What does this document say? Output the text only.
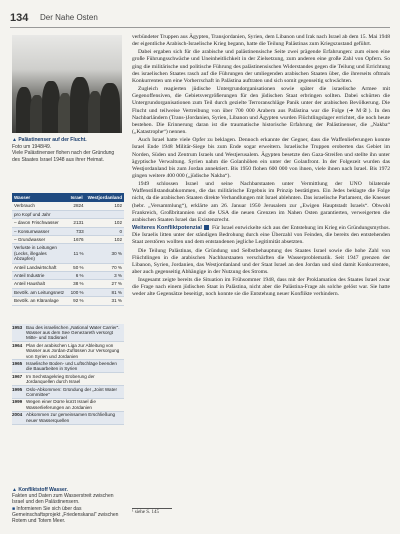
134 Der Nahe Osten
▲ Palästinenser auf der Flucht.
Foto um 1948/49.
Viele Palästinenser flohen nach der Gründung des Staates Israel 1948 aus ihrer Heimat.
Wasser	Israel	Westjordanland
Verbrauch	2824	102
pro Kopf und Jahr		
– davon Frischwasser	2131	102
– Konsumwasser	733	0
– Grundwasser	1676	102
Verluste in Leitungen (Lecks, illegales Abzapfen)	11 %	30 %
Anteil Landwirtschaft	50 %	70 %
Anteil Industrie	6 %	3 %
Anteil Haushalt	38 %	27 %
Bevölk. am Leitungsnetz	100 %	81 %
Bevölk. an Kläranlage	92 %	31 %
1953 Bau des israelischen „National Water Carrier“. Wasser aus dem See Genezareth versorgt Mitte- und Südisrael
1964 Plan der arabischen Liga zur Ableitung von Wasser aus Jordan-Zuflüssen zur Versorgung von Syrien und Jordanien
1965 Israelische Boden- und Luftschläge beenden die Bauarbeiten in Syrien
1967 Im Sechstagekrieg Eroberung der Jordanquellen durch Israel
1995 Oslo-Abkommen: Gründung der „Joint Water Committee“
1999 Wegen einer Dürre kürzt Israel die Wasserlieferungen an Jordanien
2004 Abkommen zur gemeinsamen Erschließung neuer Wasserquellen
▲ Konfliktstoff Wasser.
Fakten und Daten zum Wasserstreit zwischen Israel und den Palästinensern.
■ Informieren Sie sich über das Gemeinschaftsprojekt „Friedenskanal“ zwischen Rotem und Totem Meer.

verbündeter Truppen aus Ägypten, Transjordanien, Syrien, dem Libanon und Irak nach Israel ab dem 15. Mai 1948 der eigentliche Arabisch-Israelische Krieg begann, hatte die Teilung Palästinas zum Kriegszustand geführt.

Dabei ergaben sich für die arabische und palästinensische Seite zwei prägende Erfahrungen: zum einen eine große Führungsschwäche und Uneinheitlichkeit in der Zielsetzung, zum anderen eine große Zahl von Opfern. So ging die militärische und politische Führung des palästinensischen Widerstandes gegen die Teilung und Errichtung des israelischen Staates rasch auf die Führungen der umliegenden arabischen Staaten über, die ihrerseits oftmals Konkurrenten um eine Vorherrschaft in Palästina auftraten und sich somit gegenseitig schwächten.

Zugleich reagierten jüdische Untergrundorganisationen sowie später die israelische Armee mit Gegenoffensiven, die Gebietsvergrößerungen für den jüdischen Staat erbringen sollten. Dabei schürten die Untergrundorganisationen zum Teil durch gezielte Terroranschläge Panik unter der arabischen Bevölkerung. Die Flucht und teilweise Vertreibung von über 700 000 Arabern aus Palästina war die Folge (➜ M②). In den Nachbarländern (Trans-)Jordanien, Syrien, Libanon und Ägypten wurden Flüchtlingslager errichtet, die noch heute bestehen. Die Erinnerung daran ist die traumatische historische Erfahrung der Palästinenser, die „Nakba“ („Katastrophe“) nennen.

Auch Israel hatte viele Opfer zu beklagen. Dennoch erkannte der Gegner, dass die Waffenlieferungen konnte Israel Ende 1948 Militär-Siege bis zum Ende sogar erweitern. Israelische Truppen eroberten das Gebiet im Norden, Süden und Zentrum Israels und Westjerusalem. Ägypten besetzte den Gaza-Streifen und stellte ihn unter ägyptische Verwaltung. Syrien nahm die Golanhöhen ein unter der Golanfront. In der Folgezeit wurden das Westjordanland bis zum Jordan annektiert. Bis 1950 flohen 600 000 von ihnen, viele ihnen nach Israel. Bis 1972 gingen weitere 400 000 („jüdische Nakba“).

1949 schlossen Israel und seine Nachbarstaaten unter Vermittlung der UNO bilaterale Waffenstillstandsabkommen, die das militärische Ergebnis im Prinzip bestätigten. Ein Jedes beklagte die Folge nicht, da die arabischen Staaten direkte Verhandlungen mit Israel ablehnten. Das israelische Parlament, die Knesset (hebr. „Versammlung“), erklärte am 26. Januar 1950 Jerusalem zur „Ewigen Hauptstadt Israels“. Obwohl Frankreich, Großbritannien und die USA die neuen Grenzen im Nahen Osten garantierten, verweigerten die arabischen Staaten Israel das Existenzrecht.

Weiteres Konfliktpotenzial Für Israel entwickelte sich aus der Entstehung im Krieg ein Gründungsmythos. Die Israelis litten unter der ständigen Bedrohung durch eine Überzahl von Feinden, die bereits den entstehenden Staat zerstören wollten und dem entstandenen jegliche Legitimität absetzten.

Die Teilung Palästinas, die Gründung und Selbstbehauptung des Staates Israel sowie die hohe Zahl von Flüchtlingen in die arabischen Nachbarstaaten verschärften die Wasserproblematik. Seit 1947 grenzen der Libanon, Syrien, Jordanien, das Westjordanland und der Staat Israel an den Jordan und sind damit Konkurrenten, aber auch gegenseitig Abhängige in der Nutzung des Stroms.

Insgesamt zeigte bereits die Situation im Frühsommer 1948, dass mit der Proklamation des Staates Israel zwar die Frage nach einem jüdischen Staat in Palästina, nicht aber die Palästina-Frage als solche gelöst war. Sie hatte weder alte Gegensätze beseitigt, noch konnte sie die Entstehung neuer Konflikte verhindern.

¹ siehe S. 145
